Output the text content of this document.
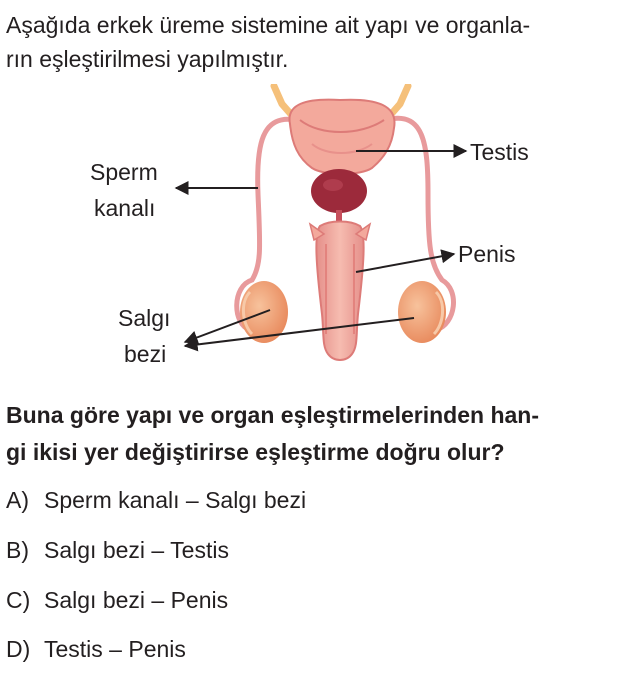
Aşağıda erkek üreme sistemine ait yapı ve organla-
rın eşleştirilmesi yapılmıştır.
Sperm
kanalı
Testis
Penis
Salgı
bezi
Buna göre yapı ve organ eşleştirmelerinden han-
gi ikisi yer değiştirirse eşleştirme doğru olur?
A) Sperm kanalı – Salgı bezi
B) Salgı bezi – Testis
C) Salgı bezi – Penis
D) Testis – Penis
